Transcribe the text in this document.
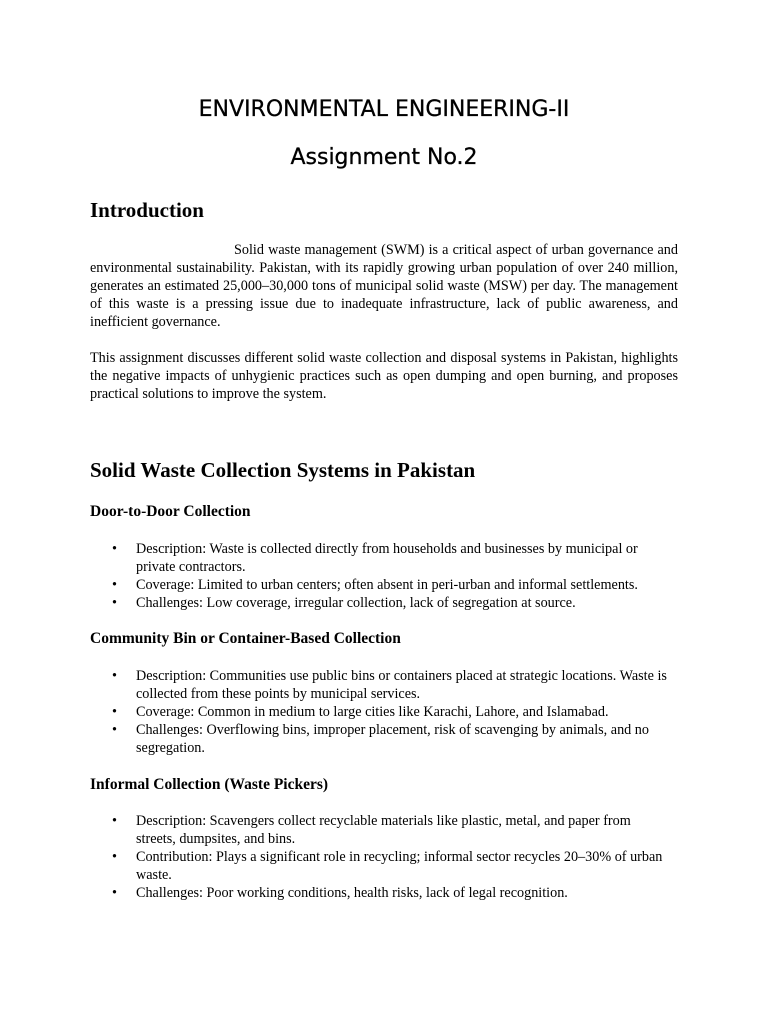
ENVIRONMENTAL ENGINEERING-II
Assignment No.2
Introduction

Solid waste management (SWM) is a critical aspect of urban governance and environmental sustainability. Pakistan, with its rapidly growing urban population of over 240 million, generates an estimated 25,000–30,000 tons of municipal solid waste (MSW) per day. The management of this waste is a pressing issue due to inadequate infrastructure, lack of public awareness, and inefficient governance.

This assignment discusses different solid waste collection and disposal systems in Pakistan, highlights the negative impacts of unhygienic practices such as open dumping and open burning, and proposes practical solutions to improve the system.

Solid Waste Collection Systems in Pakistan
Door-to-Door Collection
• Description: Waste is collected directly from households and businesses by municipal or private contractors.
• Coverage: Limited to urban centers; often absent in peri-urban and informal settlements.
• Challenges: Low coverage, irregular collection, lack of segregation at source.
Community Bin or Container-Based Collection
• Description: Communities use public bins or containers placed at strategic locations. Waste is collected from these points by municipal services.
• Coverage: Common in medium to large cities like Karachi, Lahore, and Islamabad.
• Challenges: Overflowing bins, improper placement, risk of scavenging by animals, and no segregation.
Informal Collection (Waste Pickers)
• Description: Scavengers collect recyclable materials like plastic, metal, and paper from streets, dumpsites, and bins.
• Contribution: Plays a significant role in recycling; informal sector recycles 20–30% of urban waste.
• Challenges: Poor working conditions, health risks, lack of legal recognition.
